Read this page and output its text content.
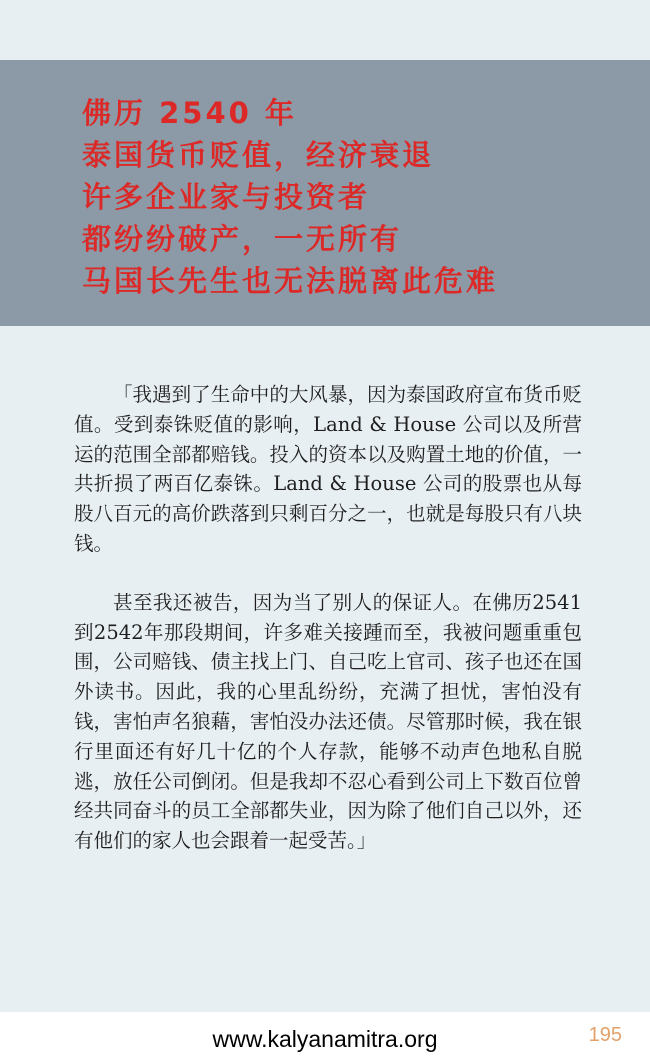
佛历 2540 年
泰国货币贬值，经济衰退
许多企业家与投资者
都纷纷破产，一无所有
马国长先生也无法脱离此危难

「我遇到了生命中的大风暴，因为泰国政府宣布货币贬值。受到泰铢贬值的影响，Land & House 公司以及所营运的范围全部都赔钱。投入的资本以及购置土地的价值，一共折损了两百亿泰铢。Land & House 公司的股票也从每股八百元的高价跌落到只剩百分之一，也就是每股只有八块钱。

甚至我还被告，因为当了别人的保证人。在佛历2541到2542年那段期间，许多难关接踵而至，我被问题重重包围，公司赔钱、债主找上门、自己吃上官司、孩子也还在国外读书。因此，我的心里乱纷纷，充满了担忧，害怕没有钱，害怕声名狼藉，害怕没办法还债。尽管那时候，我在银行里面还有好几十亿的个人存款，能够不动声色地私自脱逃，放任公司倒闭。但是我却不忍心看到公司上下数百位曾经共同奋斗的员工全部都失业，因为除了他们自己以外，还有他们的家人也会跟着一起受苦。」

www.kalyanamitra.org	195
